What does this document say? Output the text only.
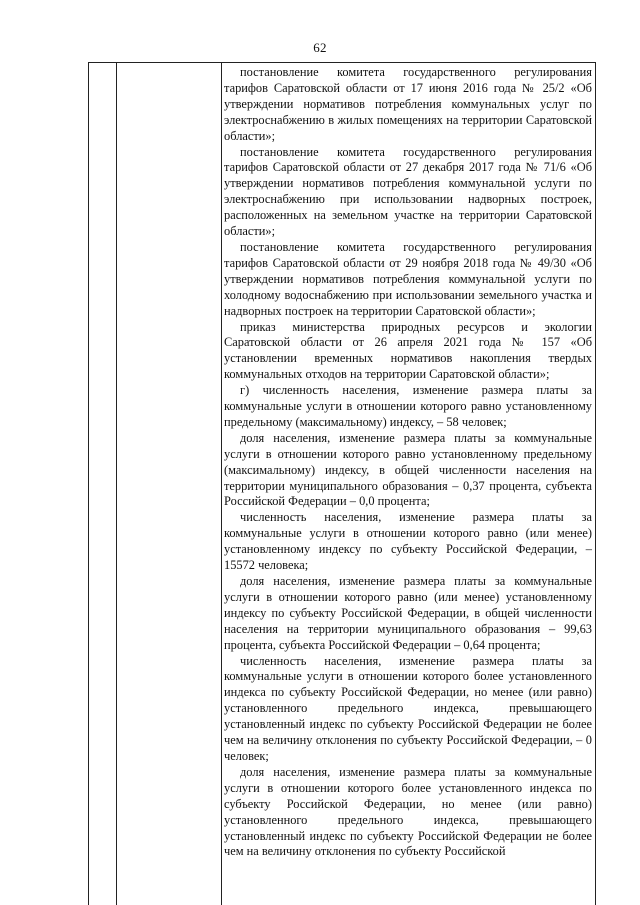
62

постановление комитета государственного регулирования тарифов Саратовской области от 17 июня 2016 года № 25/2 «Об утверждении нормативов потребления коммунальных услуг по электроснабжению в жилых помещениях на территории Саратовской области»;

постановление комитета государственного регулирования тарифов Саратовской области от 27 декабря 2017 года № 71/6 «Об утверждении нормативов потребления коммунальной услуги по электроснабжению при использовании надворных построек, расположенных на земельном участке на территории Саратовской области»;

постановление комитета государственного регулирования тарифов Саратовской области от 29 ноября 2018 года № 49/30 «Об утверждении нормативов потребления коммунальной услуги по холодному водоснабжению при использовании земельного участка и надворных построек на территории Саратовской области»;

приказ министерства природных ресурсов и экологии Саратовской области от 26 апреля 2021 года № 157 «Об установлении временных нормативов накопления твердых коммунальных отходов на территории Саратовской области»;

г) численность населения, изменение размера платы за коммунальные услуги в отношении которого равно установленному предельному (максимальному) индексу, – 58 человек;

доля населения, изменение размера платы за коммунальные услуги в отношении которого равно установленному предельному (максимальному) индексу, в общей численности населения на территории муниципального образования – 0,37 процента, субъекта Российской Федерации – 0,0 процента;

численность населения, изменение размера платы за коммунальные услуги в отношении которого равно (или менее) установленному индексу по субъекту Российской Федерации, – 15572 человека;

доля населения, изменение размера платы за коммунальные услуги в отношении которого равно (или менее) установленному индексу по субъекту Российской Федерации, в общей численности населения на территории муниципального образования – 99,63 процента, субъекта Российской Федерации – 0,64 процента;

численность населения, изменение размера платы за коммунальные услуги в отношении которого более установленного индекса по субъекту Российской Федерации, но менее (или равно) установленного предельного индекса, превышающего установленный индекс по субъекту Российской Федерации не более чем на величину отклонения по субъекту Российской Федерации, – 0 человек;

доля населения, изменение размера платы за коммунальные услуги в отношении которого более установленного индекса по субъекту Российской Федерации, но менее (или равно) установленного предельного индекса, превышающего установленный индекс по субъекту Российской Федерации не более чем на величину отклонения по субъекту Российской
